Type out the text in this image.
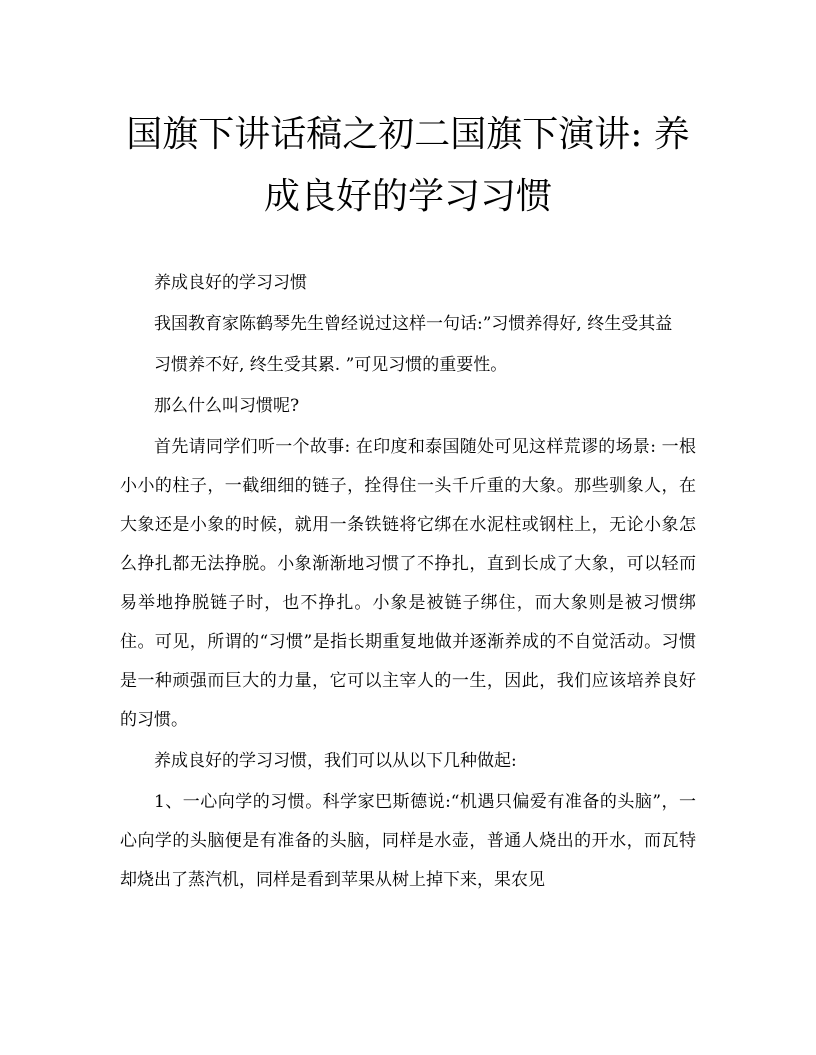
国旗下讲话稿之初二国旗下演讲: 养成良好的学习习惯

养成良好的学习习惯

我国教育家陈鹤琴先生曾经说过这样一句话:”习惯养得好, 终生受其益

习惯养不好, 终生受其累. ”可见习惯的重要性。

那么什么叫习惯呢?

首先请同学们听一个故事: 在印度和泰国随处可见这样荒谬的场景: 一根小小的柱子，一截细细的链子，拴得住一头千斤重的大象。那些驯象人，在大象还是小象的时候，就用一条铁链将它绑在水泥柱或钢柱上，无论小象怎么挣扎都无法挣脱。小象渐渐地习惯了不挣扎，直到长成了大象，可以轻而易举地挣脱链子时，也不挣扎。小象是被链子绑住，而大象则是被习惯绑住。可见，所谓的“习惯”是指长期重复地做并逐渐养成的不自觉活动。习惯是一种顽强而巨大的力量，它可以主宰人的一生，因此，我们应该培养良好的习惯。

养成良好的学习习惯，我们可以从以下几种做起:

1、一心向学的习惯。科学家巴斯德说:“机遇只偏爱有准备的头脑”，一心向学的头脑便是有准备的头脑，同样是水壶，普通人烧出的开水，而瓦特却烧出了蒸汽机，同样是看到苹果从树上掉下来，果农见
